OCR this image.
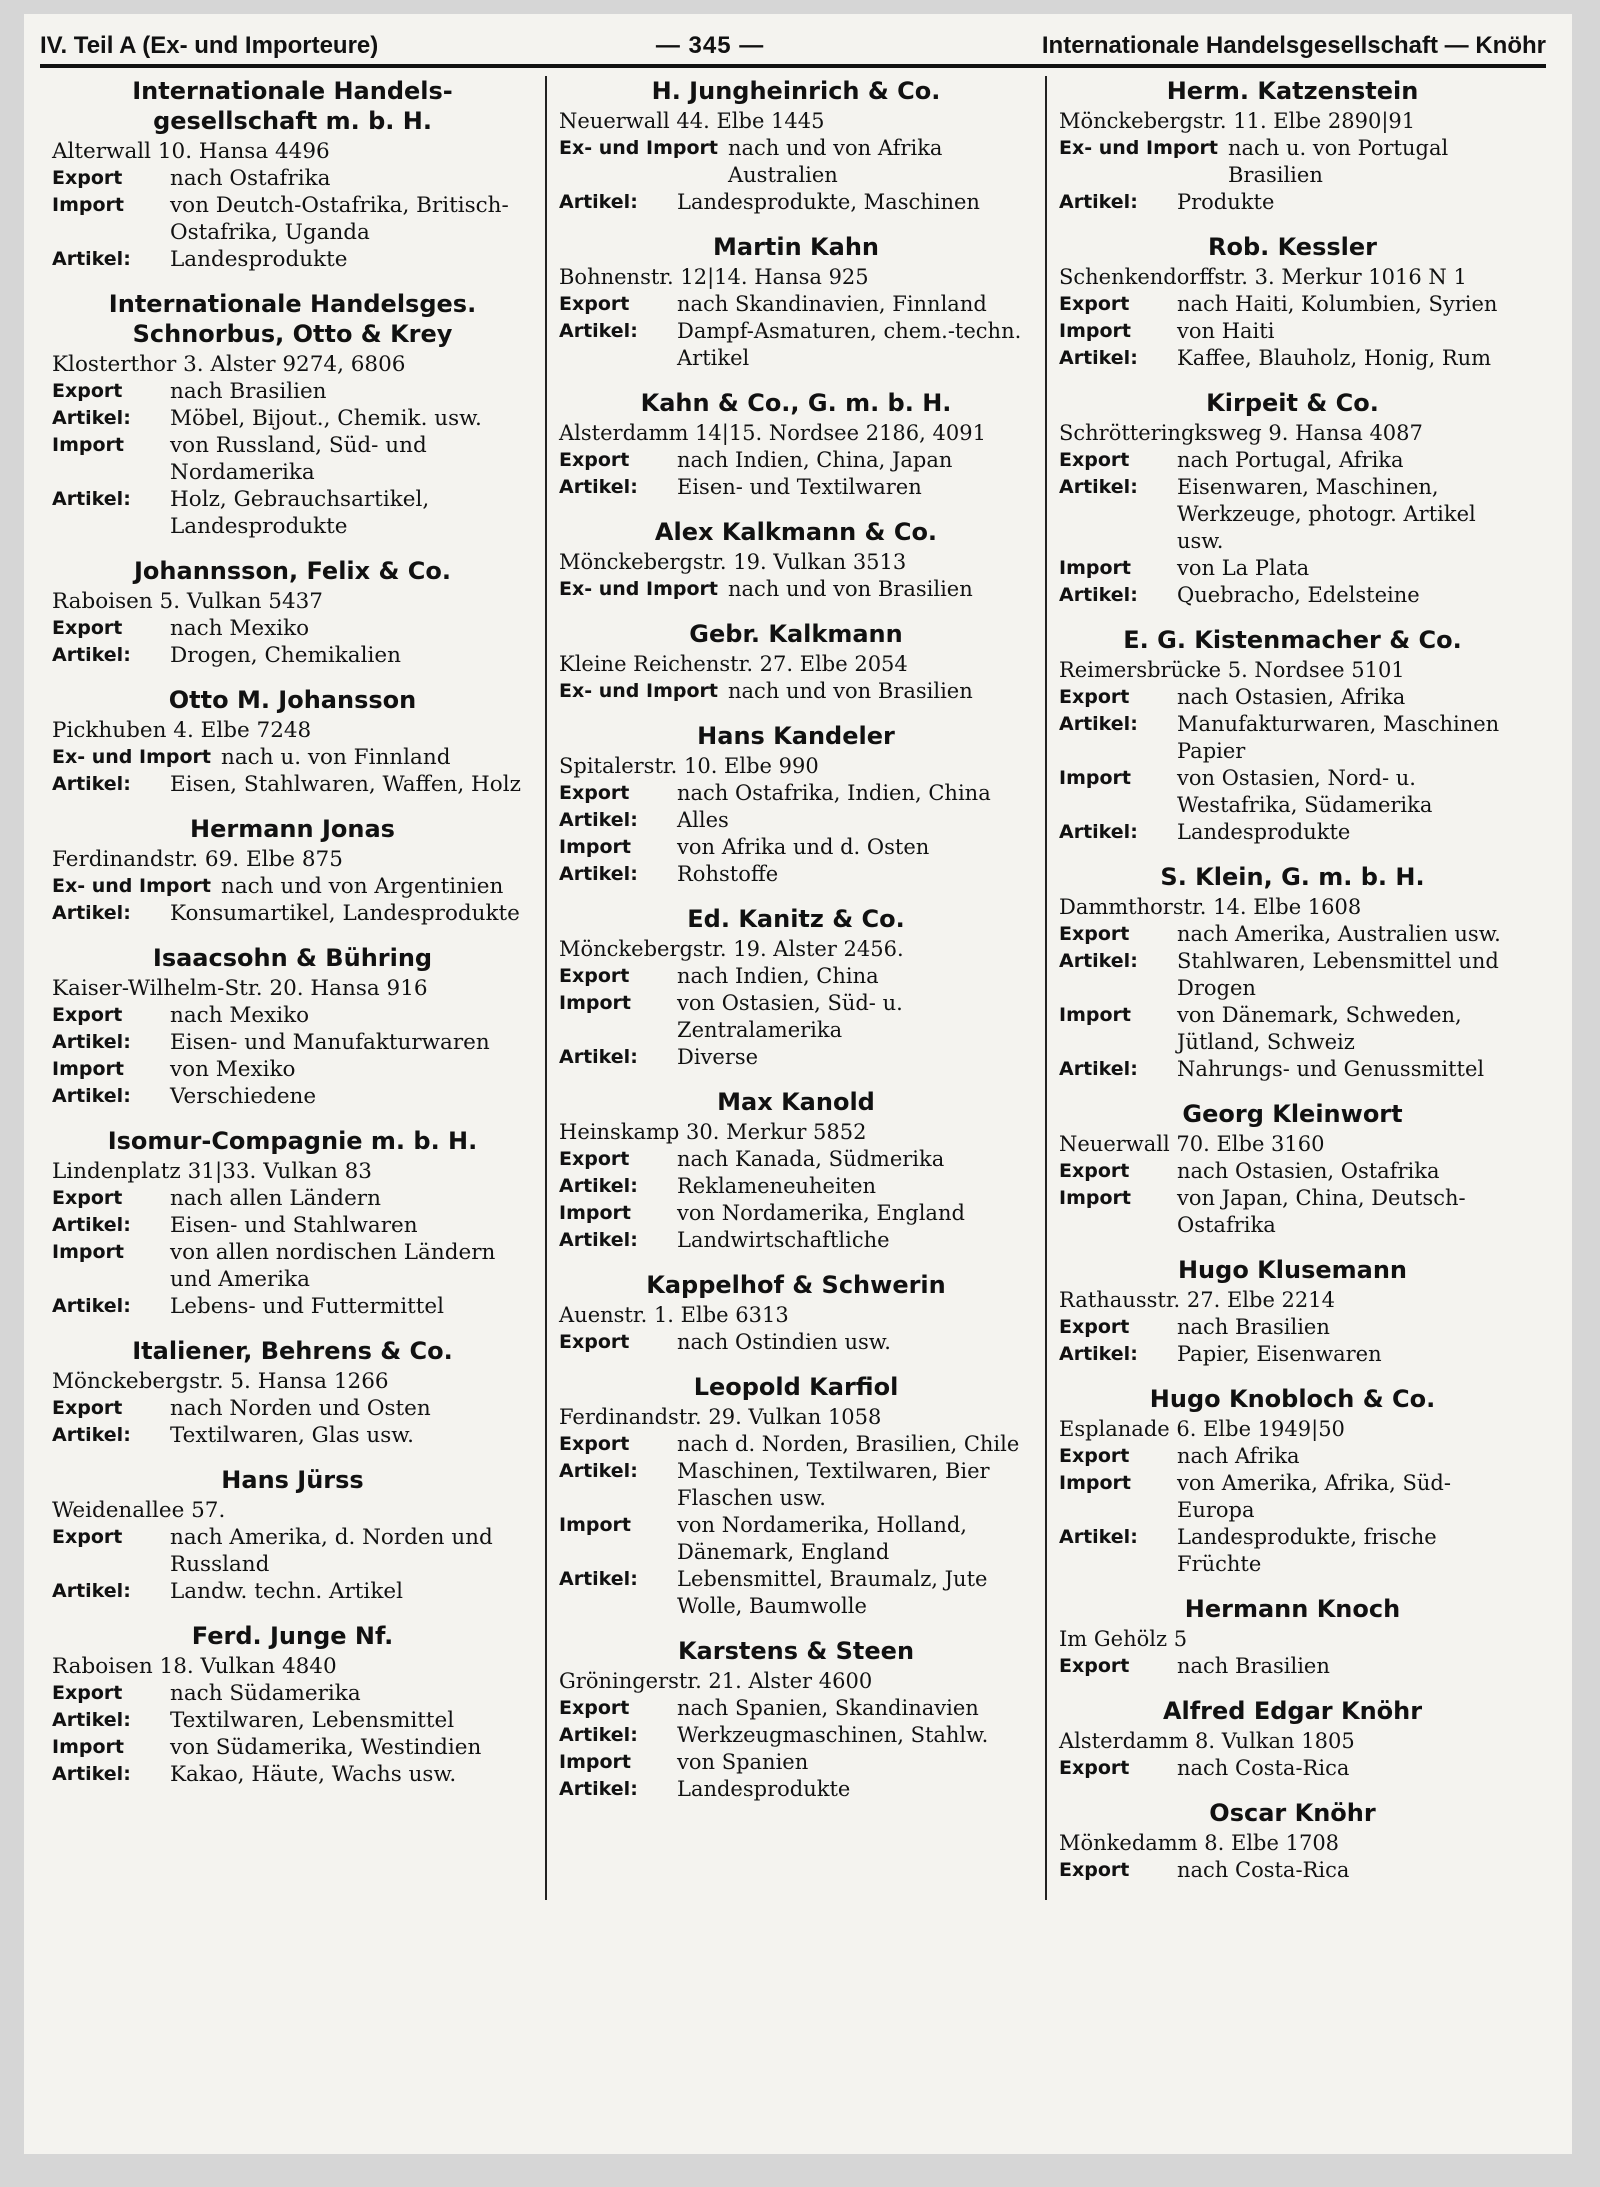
IV. Teil A (Ex- und Importeure)	— 345 —	Internationale Handelsgesellschaft — Knöhr
Internationale Handels-gesellschaft m. b. H.
Alterwall 10. Hansa 4496
Export	nach Ostafrika
Import	von Deutch-Ostafrika, Britisch-Ostafrika, Uganda
Artikel:	Landesprodukte
Internationale Handelsges. Schnorbus, Otto & Krey
Klosterthor 3. Alster 9274, 6806
Export	nach Brasilien
Artikel:	Möbel, Bijout., Chemik. usw.
Import	von Russland, Süd- und Nordamerika
Artikel:	Holz, Gebrauchsartikel, Landesprodukte
Johannsson, Felix & Co.
Raboisen 5. Vulkan 5437
Export	nach Mexiko
Artikel:	Drogen, Chemikalien
Otto M. Johansson
Pickhuben 4. Elbe 7248
Ex- und Import nach u. von Finnland
Artikel:	Eisen, Stahlwaren, Waffen, Holz
Hermann Jonas
Ferdinandstr. 69. Elbe 875
Ex- und Import nach und von Argentinien
Artikel:	Konsumartikel, Landesprodukte
Isaacsohn & Bühring
Kaiser-Wilhelm-Str. 20. Hansa 916
Export	nach Mexiko
Artikel:	Eisen- und Manufakturwaren
Import	von Mexiko
Artikel:	Verschiedene
Isomur-Compagnie m. b. H.
Lindenplatz 31|33. Vulkan 83
Export	nach allen Ländern
Artikel:	Eisen- und Stahlwaren
Import	von allen nordischen Ländern und Amerika
Artikel:	Lebens- und Futtermittel
Italiener, Behrens & Co.
Mönckebergstr. 5. Hansa 1266
Export	nach Norden und Osten
Artikel:	Textilwaren, Glas usw.
Hans Jürss
Weidenallee 57.
Export	nach Amerika, d. Norden und Russland
Artikel:	Landw. techn. Artikel
Ferd. Junge Nf.
Raboisen 18. Vulkan 4840
Export	nach Südamerika
Artikel:	Textilwaren, Lebensmittel
Import	von Südamerika, Westindien
Artikel:	Kakao, Häute, Wachs usw.
H. Jungheinrich & Co.
Neuerwall 44. Elbe 1445
Ex- und Import nach und von Afrika Australien
Artikel:	Landesprodukte, Maschinen
Martin Kahn
Bohnenstr. 12|14. Hansa 925
Export	nach Skandinavien, Finnland
Artikel:	Dampf-Asmaturen, chem.-techn. Artikel
Kahn & Co., G. m. b. H.
Alsterdamm 14|15. Nordsee 2186, 4091
Export	nach Indien, China, Japan
Artikel:	Eisen- und Textilwaren
Alex Kalkmann & Co.
Mönckebergstr. 19. Vulkan 3513
Ex- und Import nach und von Brasilien
Gebr. Kalkmann
Kleine Reichenstr. 27. Elbe 2054
Ex- und Import nach und von Brasilien
Hans Kandeler
Spitalerstr. 10. Elbe 990
Export	nach Ostafrika, Indien, China
Artikel:	Alles
Import	von Afrika und d. Osten
Artikel:	Rohstoffe
Ed. Kanitz & Co.
Mönckebergstr. 19. Alster 2456.
Export	nach Indien, China
Import	von Ostasien, Süd- u. Zentralamerika
Artikel:	Diverse
Max Kanold
Heinskamp 30. Merkur 5852
Export	nach Kanada, Südmerika
Artikel:	Reklameneuheiten
Import	von Nordamerika, England
Artikel:	Landwirtschaftliche
Kappelhof & Schwerin
Auenstr. 1. Elbe 6313
Export	nach Ostindien usw.
Leopold Karfiol
Ferdinandstr. 29. Vulkan 1058
Export	nach d. Norden, Brasilien, Chile
Artikel:	Maschinen, Textilwaren, Bier Flaschen usw.
Import	von Nordamerika, Holland, Dänemark, England
Artikel:	Lebensmittel, Braumalz, Jute Wolle, Baumwolle
Karstens & Steen
Gröningerstr. 21. Alster 4600
Export	nach Spanien, Skandinavien
Artikel:	Werkzeugmaschinen, Stahlw.
Import	von Spanien
Artikel:	Landesprodukte
Herm. Katzenstein
Mönckebergstr. 11. Elbe 2890|91
Ex- und Import nach u. von Portugal Brasilien
Artikel:	Produkte
Rob. Kessler
Schenkendorffstr. 3. Merkur 1016 N 1
Export	nach Haiti, Kolumbien, Syrien
Import	von Haiti
Artikel:	Kaffee, Blauholz, Honig, Rum
Kirpeit & Co.
Schrötteringksweg 9. Hansa 4087
Export	nach Portugal, Afrika
Artikel:	Eisenwaren, Maschinen, Werkzeuge, photogr. Artikel usw.
Import	von La Plata
Artikel:	Quebracho, Edelsteine
E. G. Kistenmacher & Co.
Reimersbrücke 5. Nordsee 5101
Export	nach Ostasien, Afrika
Artikel:	Manufakturwaren, Maschinen Papier
Import	von Ostasien, Nord- u. Westafrika, Südamerika
Artikel:	Landesprodukte
S. Klein, G. m. b. H.
Dammthorstr. 14. Elbe 1608
Export	nach Amerika, Australien usw.
Artikel:	Stahlwaren, Lebensmittel und Drogen
Import	von Dänemark, Schweden, Jütland, Schweiz
Artikel:	Nahrungs- und Genussmittel
Georg Kleinwort
Neuerwall 70. Elbe 3160
Export	nach Ostasien, Ostafrika
Import	von Japan, China, Deutsch-Ostafrika
Hugo Klusemann
Rathausstr. 27. Elbe 2214
Export	nach Brasilien
Artikel:	Papier, Eisenwaren
Hugo Knobloch & Co.
Esplanade 6. Elbe 1949|50
Export	nach Afrika
Import	von Amerika, Afrika, Süd-Europa
Artikel:	Landesprodukte, frische Früchte
Hermann Knoch
Im Gehölz 5
Export	nach Brasilien
Alfred Edgar Knöhr
Alsterdamm 8. Vulkan 1805
Export	nach Costa-Rica
Oscar Knöhr
Mönkedamm 8. Elbe 1708
Export	nach Costa-Rica
